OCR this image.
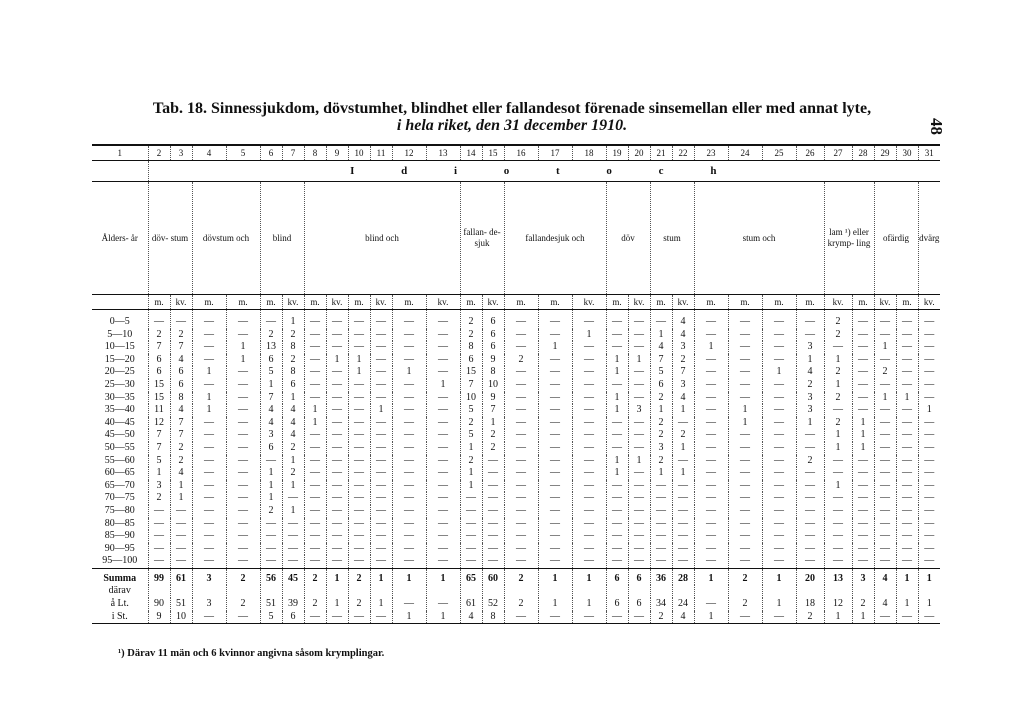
Tab. 18. Sinnessjukdom, dövstumhet, blindhet eller fallandesot förenade sinsemellan eller med annat lyte,
i hela riket, den 31 december 1910.	48
1	2	3	4	5	6	7	8	9	10	11	12	13	14	15	16	17	18	19	20	21	22	23	24	25	26	27	28	29	30	31
	I d i o t o c h																													
Ålders- år	döv- stum		dövstum och		blind		blind och						fallan- de- sjuk		fallandesjuk och			döv		stum		stum och				lam ¹) eller krymp- ling		ofärdig		dvärg
	m.	kv.	m.	m.	m.	kv.	m.	kv.	m.	kv.	m.	kv.	m.	kv.	m.	m.	kv.	m.	kv.	m.	kv.	m.	m.	m.	m.	kv.	m.	kv.	m.	kv.
0—5	—	—	—	—	—	1	—	—	—	—	—	—	2	6	—	—	—	—	—	—	4	—	—	—	—	2	—	—	—	—
5—10	2	2	—	—	2	2	—	—	—	—	—	—	2	6	—	—	1	—	—	1	4	—	—	—	—	2	—	—	—	—
10—15	7	7	—	1	13	8	—	—	—	—	—	—	8	6	—	1	—	—	—	4	3	1	—	—	3	—	—	1	—	—
15—20	6	4	—	1	6	2	—	1	1	—	—	—	6	9	2	—	—	1	1	7	2	—	—	—	1	1	—	—	—	—
20—25	6	6	1	—	5	8	—	—	1	—	1	—	15	8	—	—	—	1	—	5	7	—	—	1	4	2	—	2	—	—
25—30	15	6	—	—	1	6	—	—	—	—	—	1	7	10	—	—	—	—	—	6	3	—	—	—	2	1	—	—	—	—
30—35	15	8	1	—	7	1	—	—	—	—	—	—	10	9	—	—	—	1	—	2	4	—	—	—	3	2	—	1	1	—
35—40	11	4	1	—	4	4	1	—	—	1	—	—	5	7	—	—	—	1	3	1	1	—	1	—	3	—	—	—	—	1
40—45	12	7	—	—	4	4	1	—	—	—	—	—	2	1	—	—	—	—	—	2	—	—	1	—	1	2	1	—	—	—
45—50	7	7	—	—	3	4	—	—	—	—	—	—	5	2	—	—	—	—	—	2	2	—	—	—	—	1	1	—	—	—
50—55	7	2	—	—	6	2	—	—	—	—	—	—	1	2	—	—	—	—	—	3	1	—	—	—	—	1	1	—	—	—
55—60	5	2	—	—	—	1	—	—	—	—	—	—	2	—	—	—	—	1	1	2	—	—	—	—	2	—	—	—	—	—
60—65	1	4	—	—	1	2	—	—	—	—	—	—	1	—	—	—	—	1	—	1	1	—	—	—	—	—	—	—	—	—
65—70	3	1	—	—	1	1	—	—	—	—	—	—	1	—	—	—	—	—	—	—	—	—	—	—	—	1	—	—	—	—
70—75	2	1	—	—	1	—	—	—	—	—	—	—	—	—	—	—	—	—	—	—	—	—	—	—	—	—	—	—	—	—
75—80	—	—	—	—	2	1	—	—	—	—	—	—	—	—	—	—	—	—	—	—	—	—	—	—	—	—	—	—	—	—
80—85	—	—	—	—	—	—	—	—	—	—	—	—	—	—	—	—	—	—	—	—	—	—	—	—	—	—	—	—	—	—
85—90	—	—	—	—	—	—	—	—	—	—	—	—	—	—	—	—	—	—	—	—	—	—	—	—	—	—	—	—	—	—
90—95	—	—	—	—	—	—	—	—	—	—	—	—	—	—	—	—	—	—	—	—	—	—	—	—	—	—	—	—	—	—
95—100	—	—	—	—	—	—	—	—	—	—	—	—	—	—	—	—	—	—	—	—	—	—	—	—	—	—	—	—	—	—
Summa	99	61	3	2	56	45	2	1	2	1	1	1	65	60	2	1	1	6	6	36	28	1	2	1	20	13	3	4	1	1
därav																														
å Lt.	90	51	3	2	51	39	2	1	2	1	—	—	61	52	2	1	1	6	6	34	24	—	2	1	18	12	2	4	1	1
i St.	9	10	—	—	5	6	—	—	—	—	1	1	4	8	—	—	—	—	—	2	4	1	—	—	2	1	1	—	—	—
¹) Därav 11 män och 6 kvinnor angivna såsom krymplingar.
